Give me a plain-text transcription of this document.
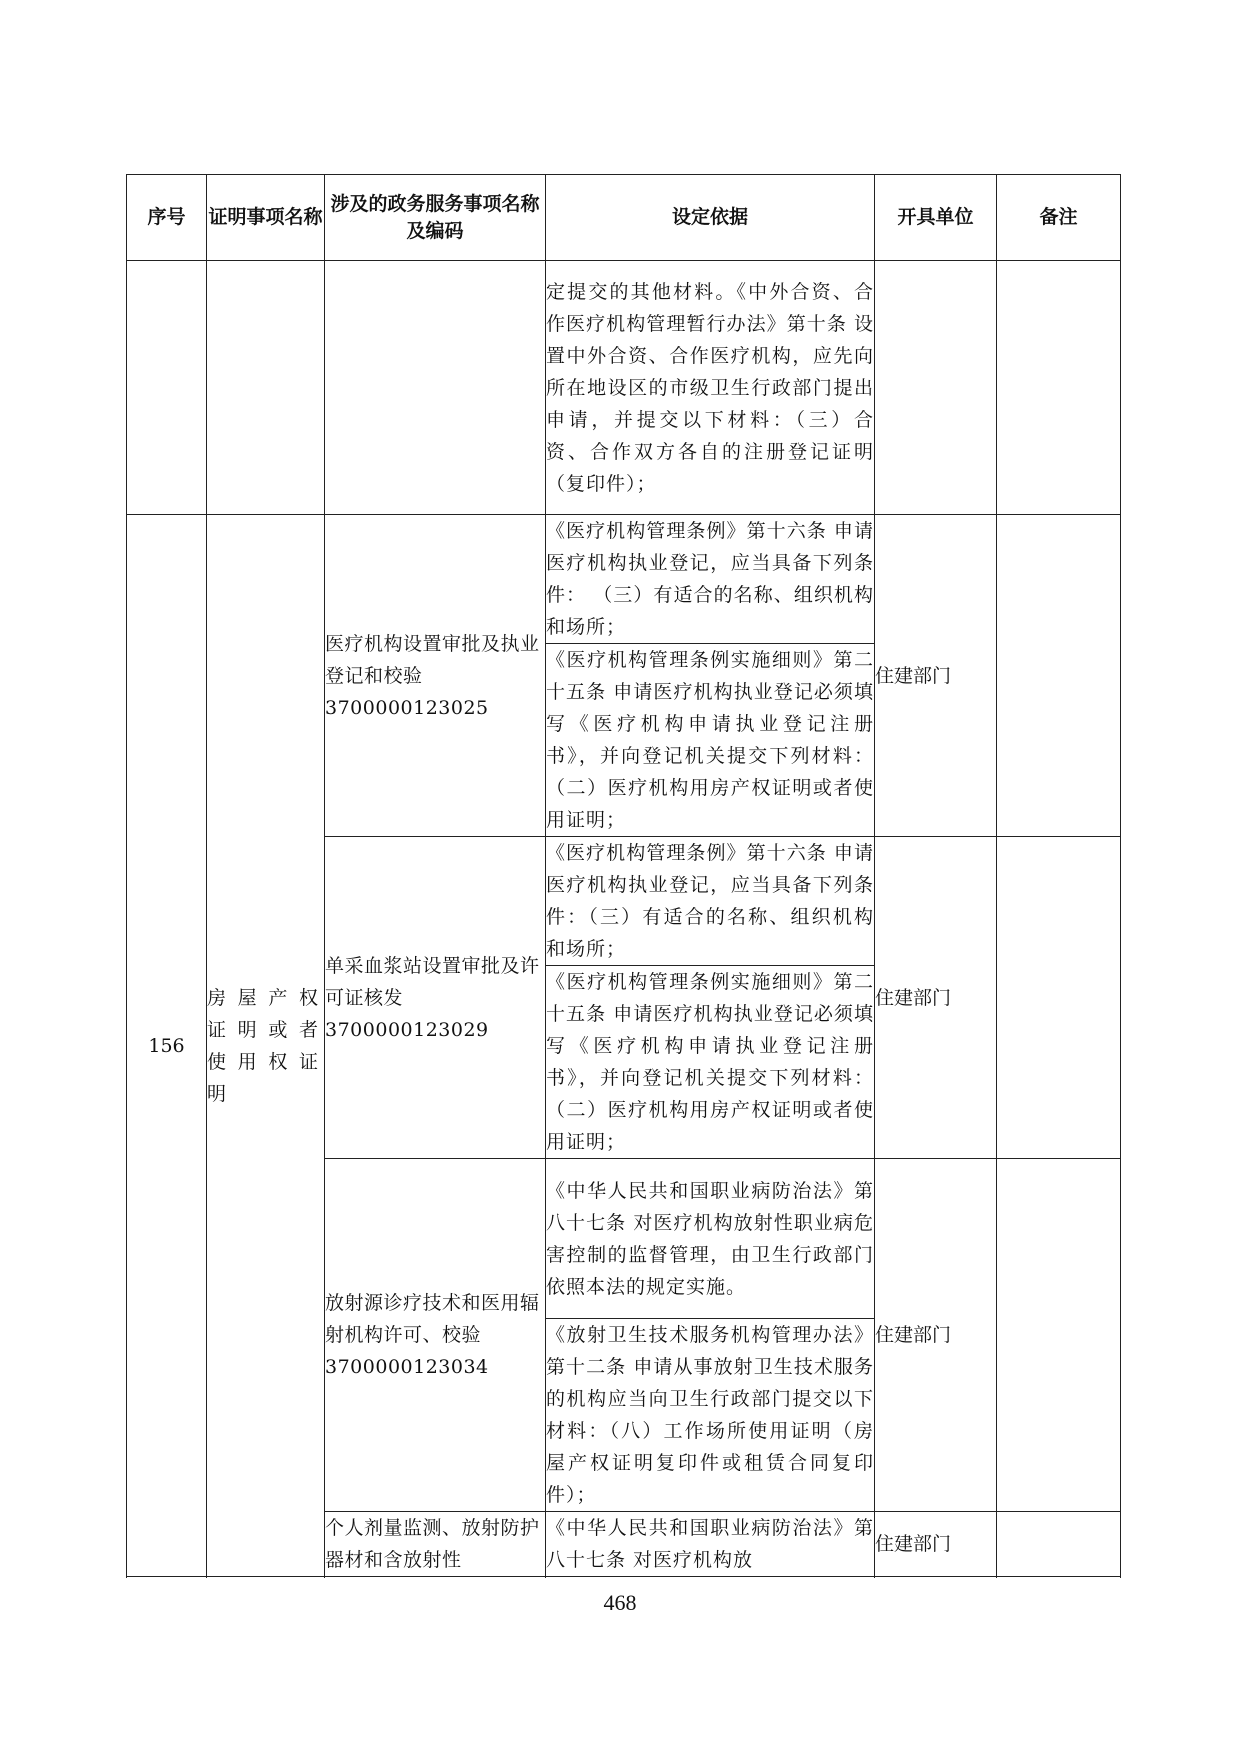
序号	证明事项名称	涉及的政务服务事项名称及编码	设定依据	开具单位	备注
			定提交的其他材料。《中外合资、合作医疗机构管理暂行办法》第十条 设置中外合资、合作医疗机构，应先向所在地设区的市级卫生行政部门提出申请，并提交以下材料：（三）合资、合作双方各自的注册登记证明（复印件）；		
156	房屋产权证明或者使用权证明	医疗机构设置审批及执业登记和校验3700000123025	《医疗机构管理条例》第十六条 申请医疗机构执业登记，应当具备下列条件： （三）有适合的名称、组织机构和场所；	住建部门	
			《医疗机构管理条例实施细则》第二十五条 申请医疗机构执业登记必须填写《医疗机构申请执业登记注册书》，并向登记机关提交下列材料： （二）医疗机构用房产权证明或者使用证明；		
		单采血浆站设置审批及许可证核发3700000123029	《医疗机构管理条例》第十六条 申请医疗机构执业登记，应当具备下列条件：（三）有适合的名称、组织机构和场所；	住建部门	
			《医疗机构管理条例实施细则》第二十五条 申请医疗机构执业登记必须填写《医疗机构申请执业登记注册书》，并向登记机关提交下列材料： （二）医疗机构用房产权证明或者使用证明；		
		放射源诊疗技术和医用辐射机构许可、校验 3700000123034	《中华人民共和国职业病防治法》第八十七条 对医疗机构放射性职业病危害控制的监督管理，由卫生行政部门依照本法的规定实施。	住建部门	
			《放射卫生技术服务机构管理办法》第十二条 申请从事放射卫生技术服务的机构应当向卫生行政部门提交以下材料：（八）工作场所使用证明（房屋产权证明复印件或租赁合同复印件）；		
		个人剂量监测、放射防护器材和含放射性	《中华人民共和国职业病防治法》第八十七条 对医疗机构放	住建部门	

468
